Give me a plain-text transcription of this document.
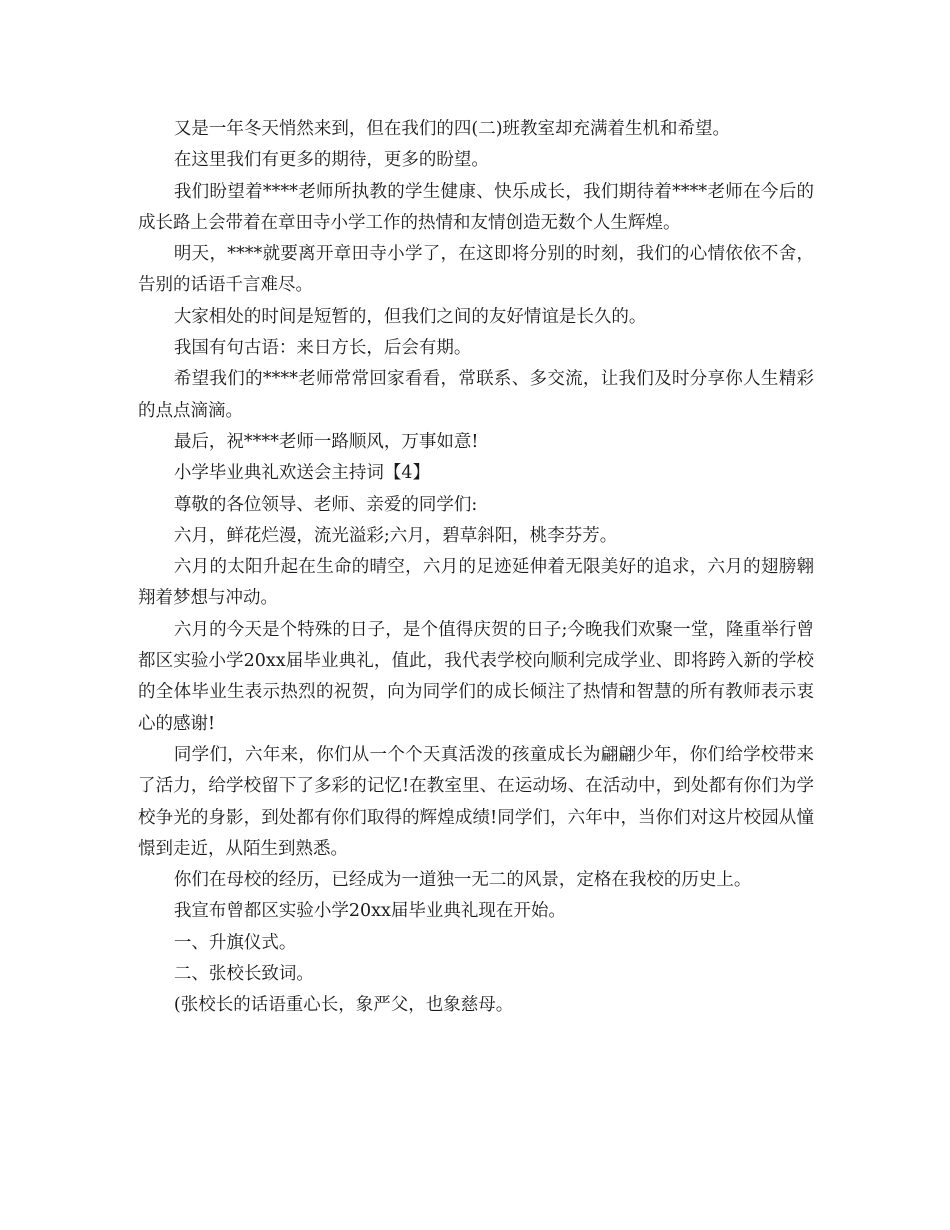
又是一年冬天悄然来到，但在我们的四(二)班教室却充满着生机和希望。

在这里我们有更多的期待，更多的盼望。

我们盼望着****老师所执教的学生健康、快乐成长，我们期待着****老师在今后的成长路上会带着在章田寺小学工作的热情和友情创造无数个人生辉煌。

明天，****就要离开章田寺小学了，在这即将分别的时刻，我们的心情依依不舍，告别的话语千言难尽。

大家相处的时间是短暂的，但我们之间的友好情谊是长久的。

我国有句古语：来日方长，后会有期。

希望我们的****老师常常回家看看，常联系、多交流，让我们及时分享你人生精彩的点点滴滴。

最后，祝****老师一路顺风，万事如意!

小学毕业典礼欢送会主持词【4】

尊敬的各位领导、老师、亲爱的同学们:

六月，鲜花烂漫，流光溢彩;六月，碧草斜阳，桃李芬芳。

六月的太阳升起在生命的晴空，六月的足迹延伸着无限美好的追求，六月的翅膀翱翔着梦想与冲动。

六月的今天是个特殊的日子，是个值得庆贺的日子;今晚我们欢聚一堂，隆重举行曾都区实验小学20xx届毕业典礼，值此，我代表学校向顺利完成学业、即将跨入新的学校的全体毕业生表示热烈的祝贺，向为同学们的成长倾注了热情和智慧的所有教师表示衷心的感谢!

同学们，六年来，你们从一个个天真活泼的孩童成长为翩翩少年，你们给学校带来了活力，给学校留下了多彩的记忆!在教室里、在运动场、在活动中，到处都有你们为学校争光的身影，到处都有你们取得的辉煌成绩!同学们，六年中，当你们对这片校园从憧憬到走近，从陌生到熟悉。

你们在母校的经历，已经成为一道独一无二的风景，定格在我校的历史上。

我宣布曾都区实验小学20xx届毕业典礼现在开始。

一、升旗仪式。

二、张校长致词。

(张校长的话语重心长，象严父，也象慈母。
